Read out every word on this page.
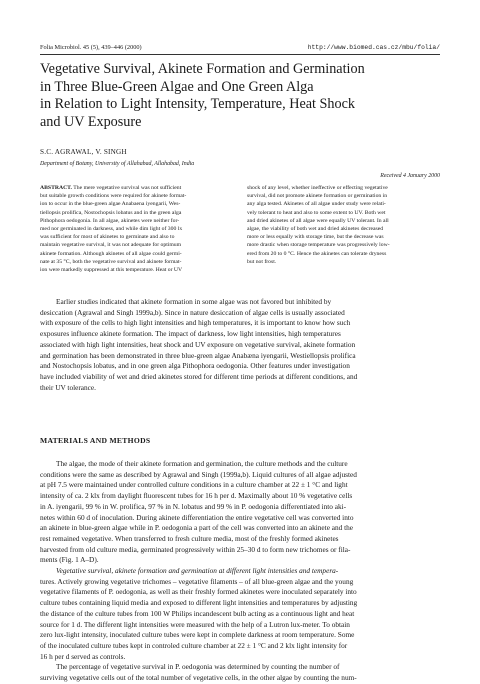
Folia Microbiol. 45 (5), 439–446 (2000)	http://www.biomed.cas.cz/mbu/folia/
Vegetative Survival, Akinete Formation and Germination
in Three Blue-Green Algae and One Green Alga
in Relation to Light Intensity, Temperature, Heat Shock
and UV Exposure
S.C. AGRAWAL, V. SINGH
Department of Botany, University of Allahabad, Allahabad, India
Received 4 January 2000
ABSTRACT. The mere vegetative survival was not sufficient
but suitable growth conditions were required for akinete format-
ion to occur in the blue-green algae Anabaena iyengarii, Wes-
tiellopsis prolifica, Nostochopsis lobatus and in the green alga
Pithophora oedogonia. In all algae, akinetes were neither for-
med nor germinated in darkness, and while dim light of 300 lx
was sufficient for most of akinetes to germinate and also to
maintain vegetative survival, it was not adequate for optimum
akinete formation. Although akinetes of all algae could germi-
nate at 35 °C, both the vegetative survival and akinete format-
ion were markedly suppressed at this temperature. Heat or UV
shock of any level, whether ineffective or effecting vegetative
survival, did not promote akinete formation or germination in
any alga tested. Akinetes of all algae under study were relati-
vely tolerant to heat and also to some extent to UV. Both wet
and dried akinetes of all algae were equally UV tolerant. In all
algae, the viability of both wet and dried akinetes decreased
more or less equally with storage time, but the decrease was
more drastic when storage temperature was progressively low-
ered from 20 to 0 °C. Hence the akinetes can tolerate dryness
but not frost.
Earlier studies indicated that akinete formation in some algae was not favored but inhibited by
desiccation (Agrawal and Singh 1999a,b). Since in nature desiccation of algae cells is usually associated
with exposure of the cells to high light intensities and high temperatures, it is important to know how such
exposures influence akinete formation. The impact of darkness, low light intensities, high temperatures
associated with high light intensities, heat shock and UV exposure on vegetative survival, akinete formation
and germination has been demonstrated in three blue-green algae Anabæna iyengarii, Westiellopsis prolifica
and Nostochopsis lobatus, and in one green alga Pithophora oedogonia. Other features under investigation
have included viability of wet and dried akinetes stored for different time periods at different conditions, and
their UV tolerance.
MATERIALS AND METHODS
The algae, the mode of their akinete formation and germination, the culture methods and the culture
conditions were the same as described by Agrawal and Singh (1999a,b). Liquid cultures of all algae adjusted
at pH 7.5 were maintained under controlled culture conditions in a culture chamber at 22 ± 1 °C and light
intensity of ca. 2 klx from daylight fluorescent tubes for 16 h per d. Maximally about 10 % vegetative cells
in A. iyengarii, 99 % in W. prolifica, 97 % in N. lobatus and 99 % in P. oedogonia differentiated into aki-
netes within 60 d of inoculation. During akinete differentiation the entire vegetative cell was converted into
an akinete in blue-green algae while in P. oedogonia a part of the cell was converted into an akinete and the
rest remained vegetative. When transferred to fresh culture media, most of the freshly formed akinetes
harvested from old culture media, germinated progressively within 25–30 d to form new trichomes or fila-
ments (Fig. 1 A–D).
Vegetative survival, akinete formation and germination at different light intensities and tempera-
tures. Actively growing vegetative trichomes – vegetative filaments – of all blue-green algae and the young
vegetative filaments of P. oedogonia, as well as their freshly formed akinetes were inoculated separately into
culture tubes containing liquid media and exposed to different light intensities and temperatures by adjusting
the distance of the culture tubes from 100 W Philips incandescent bulb acting as a continuous light and heat
source for 1 d. The different light intensities were measured with the help of a Lutron lux-meter. To obtain
zero lux-light intensity, inoculated culture tubes were kept in complete darkness at room temperature. Some
of the inoculated culture tubes kept in controled culture chamber at 22 ± 1 °C and 2 klx light intensity for
16 h per d served as controls.
The percentage of vegetative survival in P. oedogonia was determined by counting the number of
surviving vegetative cells out of the total number of vegetative cells, in the other algae by counting the num-
